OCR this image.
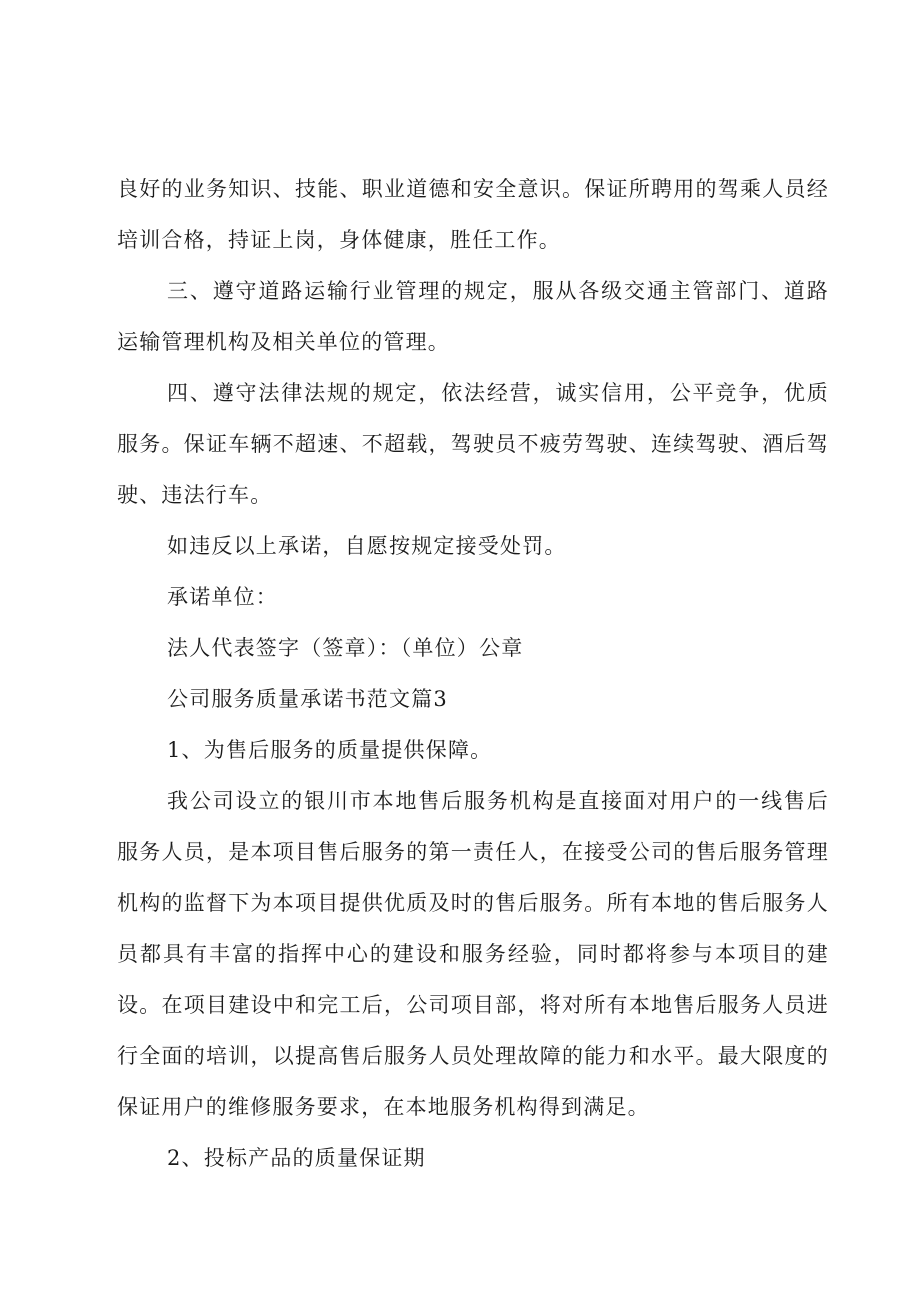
良好的业务知识、技能、职业道德和安全意识。保证所聘用的驾乘人员经培训合格，持证上岗，身体健康，胜任工作。

三、遵守道路运输行业管理的规定，服从各级交通主管部门、道路运输管理机构及相关单位的管理。

四、遵守法律法规的规定，依法经营，诚实信用，公平竞争，优质服务。保证车辆不超速、不超载，驾驶员不疲劳驾驶、连续驾驶、酒后驾驶、违法行车。

如违反以上承诺，自愿按规定接受处罚。

承诺单位：

法人代表签字（签章）：（单位）公章

公司服务质量承诺书范文篇3

1、为售后服务的质量提供保障。

我公司设立的银川市本地售后服务机构是直接面对用户的一线售后服务人员，是本项目售后服务的第一责任人，在接受公司的售后服务管理机构的监督下为本项目提供优质及时的售后服务。所有本地的售后服务人员都具有丰富的指挥中心的建设和服务经验，同时都将参与本项目的建设。在项目建设中和完工后，公司项目部，将对所有本地售后服务人员进行全面的培训，以提高售后服务人员处理故障的能力和水平。最大限度的保证用户的维修服务要求，在本地服务机构得到满足。

2、投标产品的质量保证期
